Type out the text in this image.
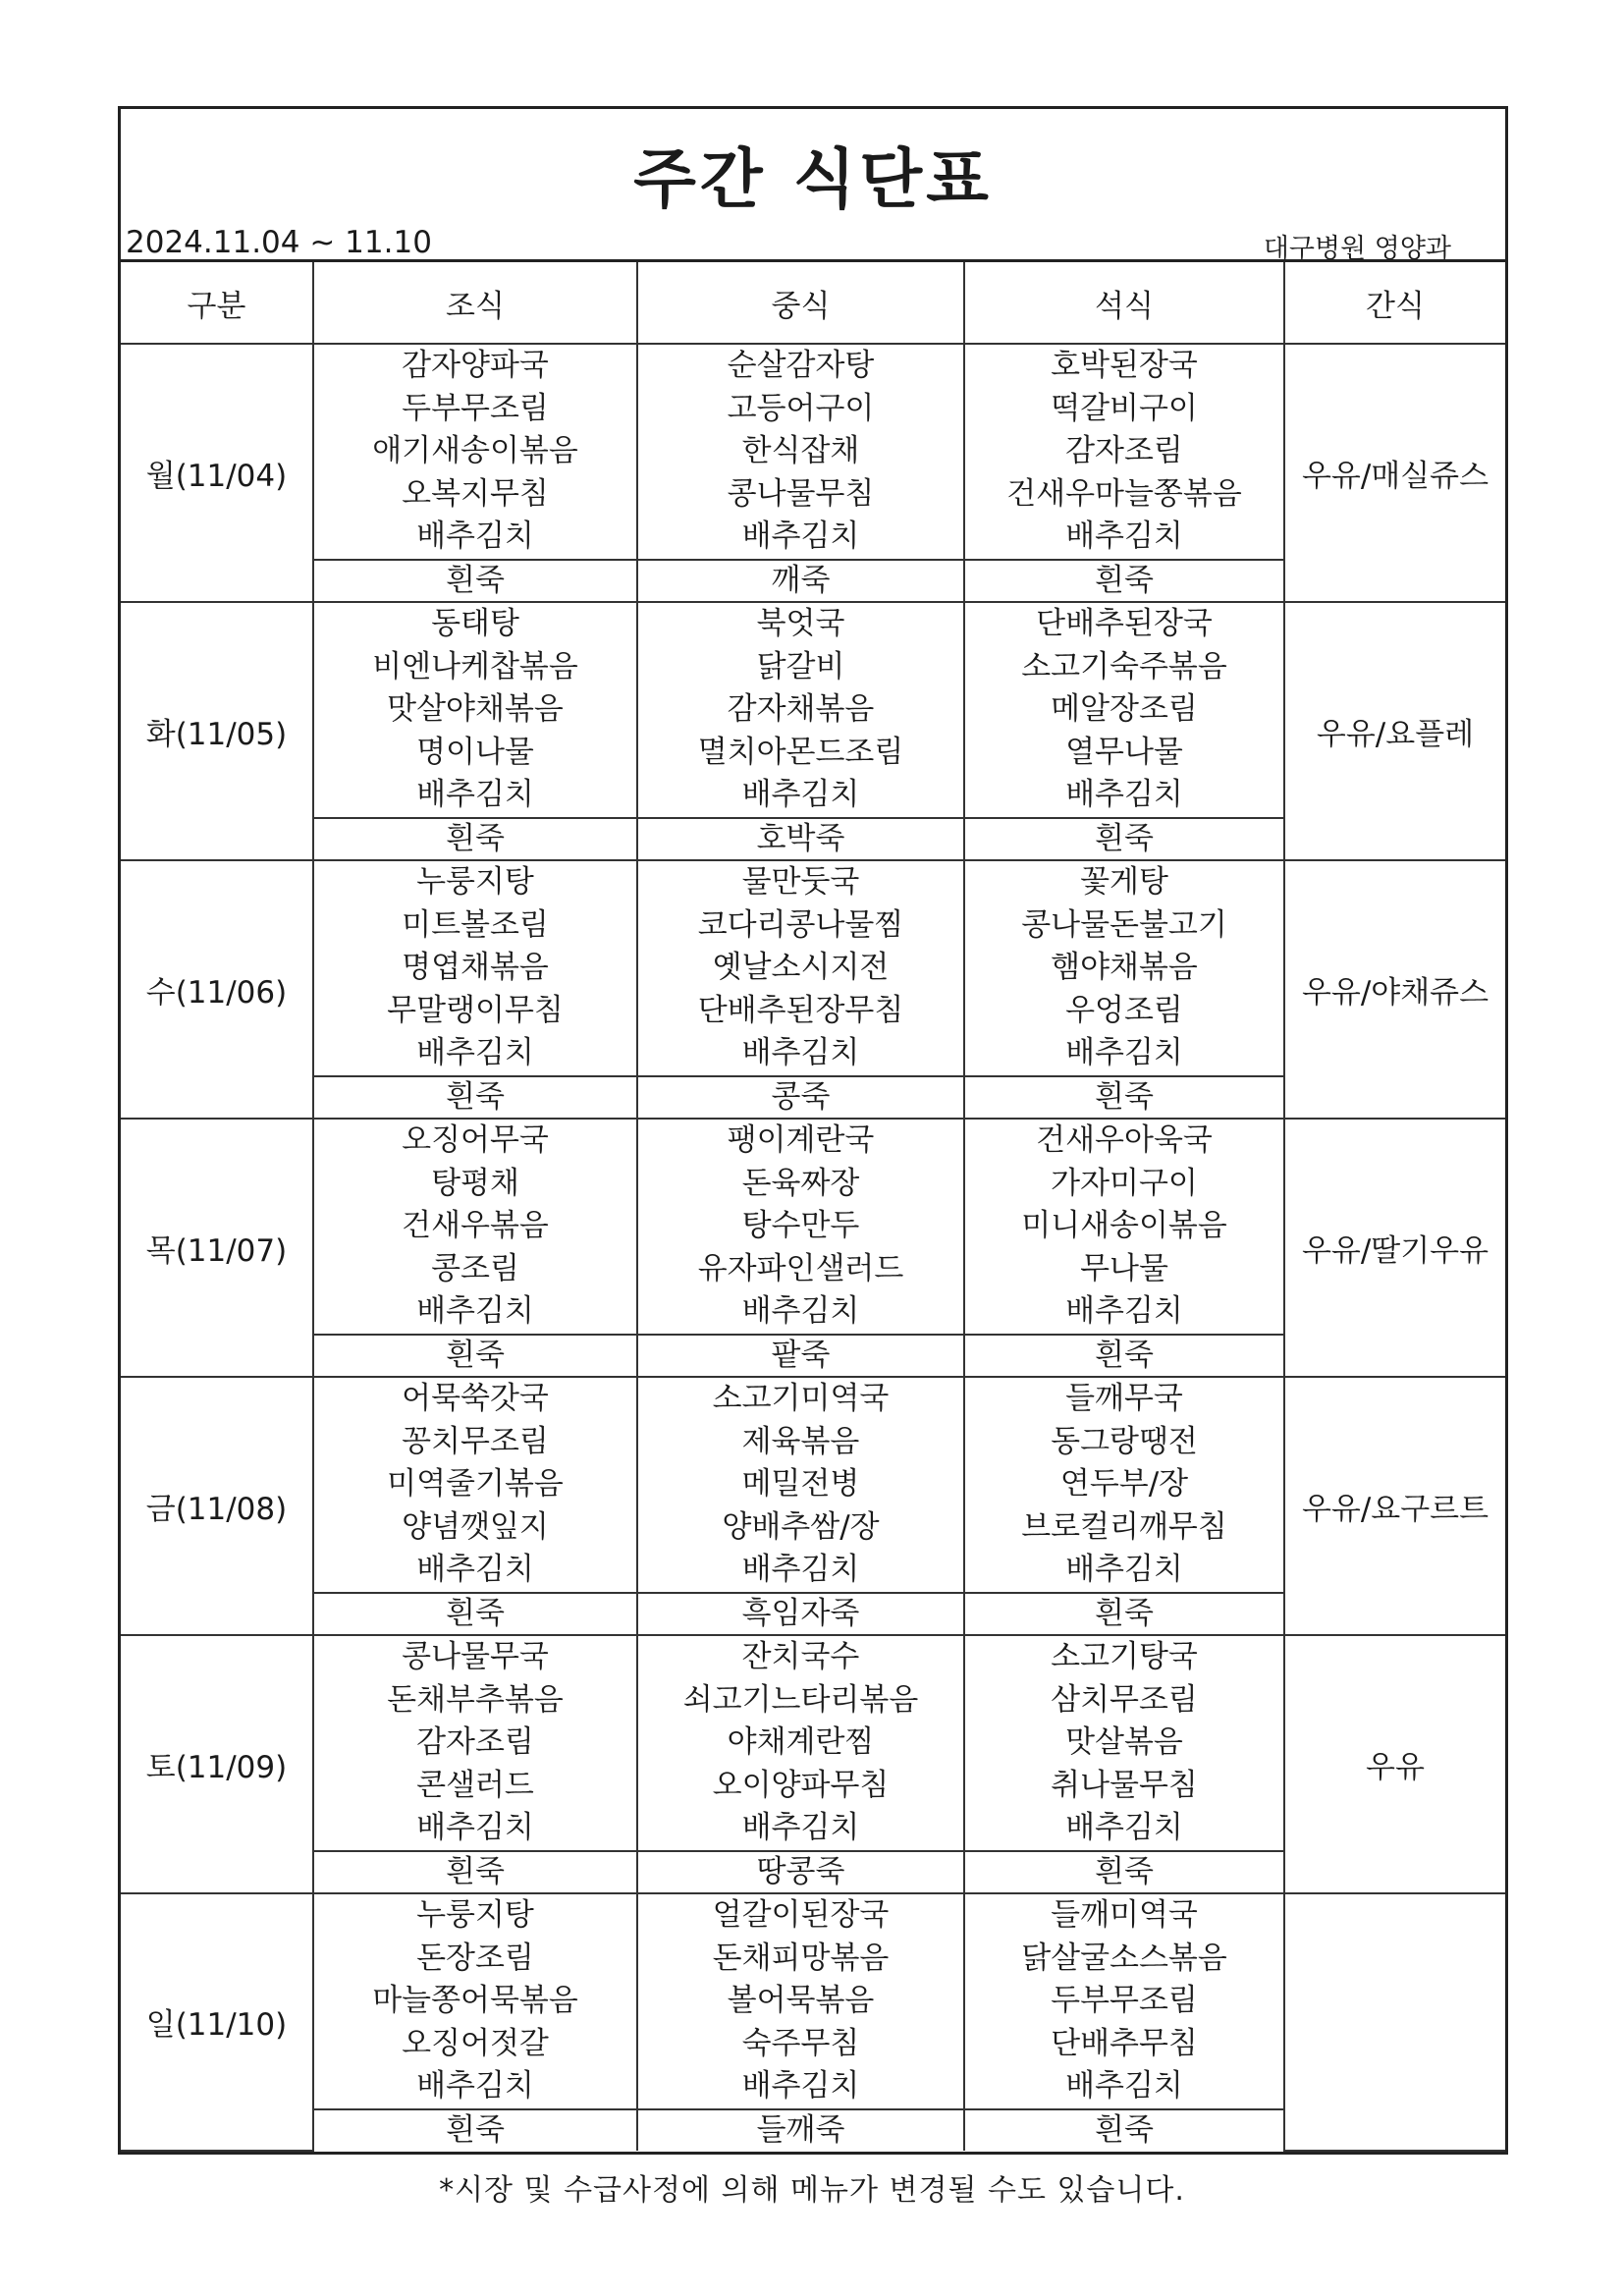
주간 식단표
2024.11.04 ~ 11.10	대구병원 영양과
구분	조식	중식	석식	간식
월(11/04)	감자양파국
두부무조림
애기새송이볶음
오복지무침
배추김치	순살감자탕
고등어구이
한식잡채
콩나물무침
배추김치	호박된장국
떡갈비구이
감자조림
건새우마늘쫑볶음
배추김치	우유/매실쥬스
	흰죽	깨죽	흰죽	
화(11/05)	동태탕
비엔나케찹볶음
맛살야채볶음
명이나물
배추김치	북엇국
닭갈비
감자채볶음
멸치아몬드조림
배추김치	단배추된장국
소고기숙주볶음
메알장조림
열무나물
배추김치	우유/요플레
	흰죽	호박죽	흰죽	
수(11/06)	누룽지탕
미트볼조림
명엽채볶음
무말랭이무침
배추김치	물만둣국
코다리콩나물찜
옛날소시지전
단배추된장무침
배추김치	꽃게탕
콩나물돈불고기
햄야채볶음
우엉조림
배추김치	우유/야채쥬스
	흰죽	콩죽	흰죽	
목(11/07)	오징어무국
탕평채
건새우볶음
콩조림
배추김치	팽이계란국
돈육짜장
탕수만두
유자파인샐러드
배추김치	건새우아욱국
가자미구이
미니새송이볶음
무나물
배추김치	우유/딸기우유
	흰죽	팥죽	흰죽	
금(11/08)	어묵쑥갓국
꽁치무조림
미역줄기볶음
양념깻잎지
배추김치	소고기미역국
제육볶음
메밀전병
양배추쌈/장
배추김치	들깨무국
동그랑땡전
연두부/장
브로컬리깨무침
배추김치	우유/요구르트
	흰죽	흑임자죽	흰죽	
토(11/09)	콩나물무국
돈채부추볶음
감자조림
콘샐러드
배추김치	잔치국수
쇠고기느타리볶음
야채계란찜
오이양파무침
배추김치	소고기탕국
삼치무조림
맛살볶음
취나물무침
배추김치	우유
	흰죽	땅콩죽	흰죽	
일(11/10)	누룽지탕
돈장조림
마늘쫑어묵볶음
오징어젓갈
배추김치	얼갈이된장국
돈채피망볶음
볼어묵볶음
숙주무침
배추김치	들깨미역국
닭살굴소스볶음
두부무조림
단배추무침
배추김치	

	흰죽	들깨죽	흰죽	
*시장 및 수급사정에 의해 메뉴가 변경될 수도 있습니다.
